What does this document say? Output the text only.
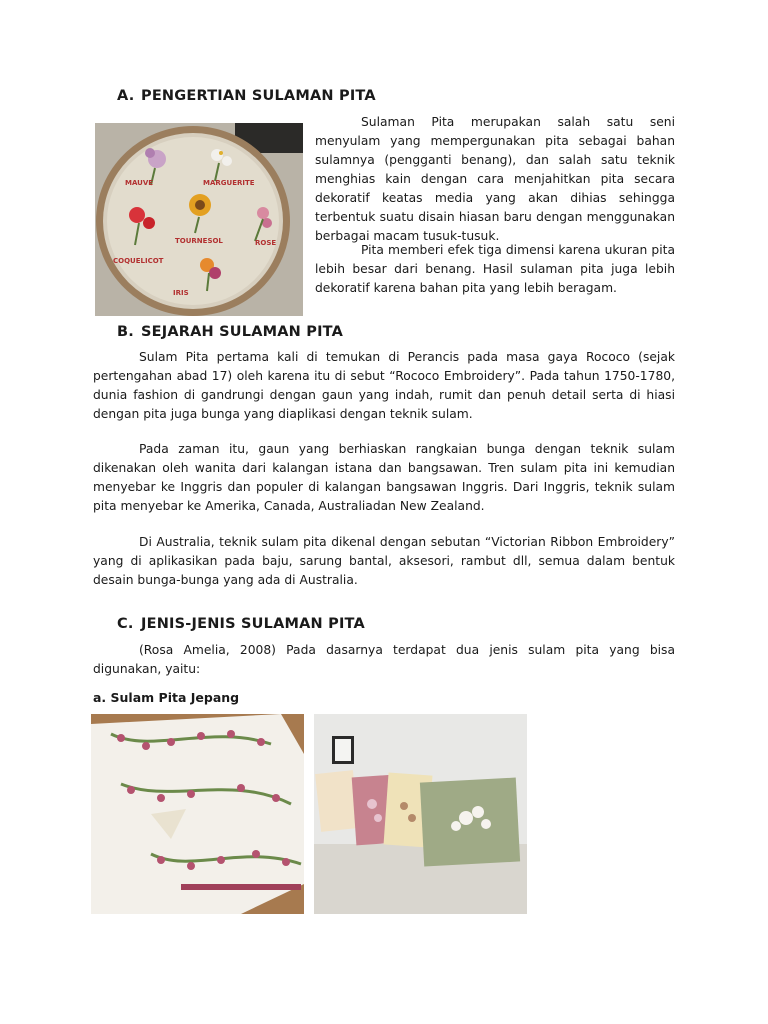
A. PENGERTIAN SULAMAN PITA
MAUVE	MARGUERITE
TOURNESOL	ROSE
COQUELICOT
IRIS
Sulaman Pita merupakan salah satu seni menyulam yang mempergunakan pita sebagai bahan sulamnya (pengganti benang), dan salah satu teknik menghias kain dengan cara menjahitkan pita secara dekoratif keatas media yang akan dihias sehingga terbentuk suatu disain hiasan baru dengan menggunakan berbagai macam tusuk-tusuk.
Pita memberi efek tiga dimensi karena ukuran pita lebih besar dari benang. Hasil sulaman pita juga lebih dekoratif karena bahan pita yang lebih beragam.
B. SEJARAH SULAMAN PITA
Sulam Pita pertama kali di temukan di Perancis pada masa gaya Rococo (sejak pertengahan abad 17) oleh karena itu di sebut “Rococo Embroidery”. Pada tahun 1750-1780, dunia fashion di gandrungi dengan gaun yang indah, rumit dan penuh detail serta di hiasi dengan pita juga bunga yang diaplikasi dengan teknik sulam.
Pada zaman itu, gaun yang berhiaskan rangkaian bunga dengan teknik sulam dikenakan oleh wanita dari kalangan istana dan bangsawan. Tren sulam pita ini kemudian menyebar ke Inggris dan populer di kalangan bangsawan Inggris. Dari Inggris, teknik sulam pita menyebar ke Amerika, Canada, Australiadan New Zealand.
Di Australia, teknik sulam pita dikenal dengan sebutan “Victorian Ribbon Embroidery” yang di aplikasikan pada baju, sarung bantal, aksesori, rambut dll, semua dalam bentuk desain bunga-bunga yang ada di Australia.
C. JENIS-JENIS SULAMAN PITA
(Rosa Amelia, 2008) Pada dasarnya terdapat dua jenis sulam pita yang bisa digunakan, yaitu:
a. Sulam Pita Jepang
